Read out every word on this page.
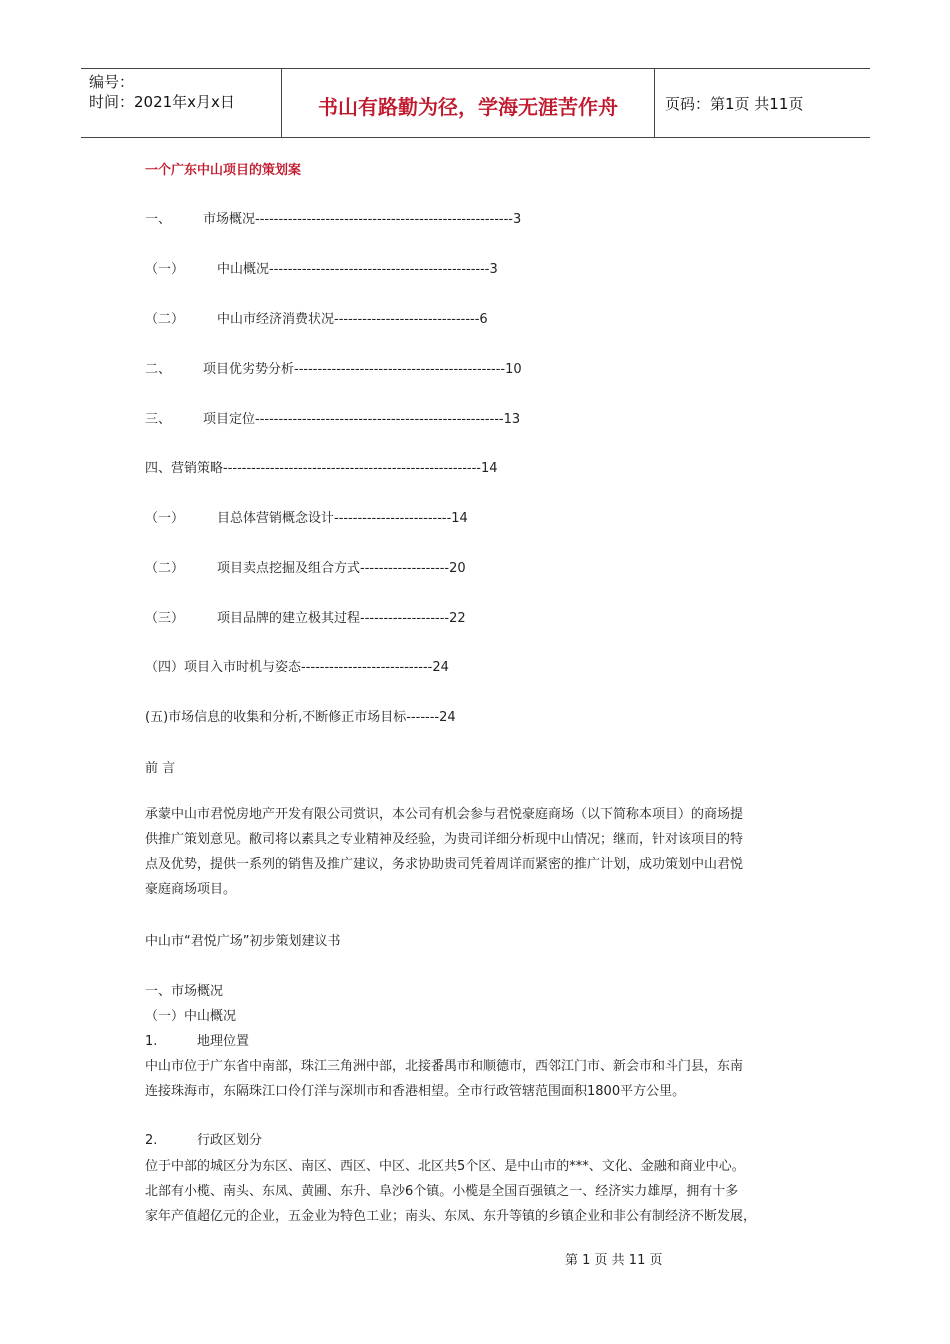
编号：
时间：2021年x月x日	书山有路勤为径，学海无涯苦作舟	页码：第1页 共11页
一个广东中山项目的策划案
一、 市场概况-------------------------------------------------------3
（一）	中山概况-----------------------------------------------3
（二）	中山市经济消费状况-------------------------------6
二、 项目优劣势分析---------------------------------------------10
三、 项目定位-----------------------------------------------------13
四、营销策略-------------------------------------------------------14
（一）	目总体营销概念设计-------------------------14
（二）	项目卖点挖掘及组合方式-------------------20
（三）	项目品牌的建立极其过程-------------------22
（四）项目入市时机与姿态----------------------------24
(五)市场信息的收集和分析,不断修正市场目标-------24
前 言
承蒙中山市君悦房地产开发有限公司赏识，本公司有机会参与君悦豪庭商场（以下简称本项目）的商场提
供推广策划意见。敝司将以素具之专业精神及经验，为贵司详细分析现中山情况；继而，针对该项目的特
点及优势，提供一系列的销售及推广建议，务求协助贵司凭着周详而紧密的推广计划，成功策划中山君悦
豪庭商场项目。
中山市“君悦广场”初步策划建议书
一、市场概况
（一）中山概况
1.	地理位置
中山市位于广东省中南部，珠江三角洲中部，北接番禺市和顺德市，西邻江门市、新会市和斗门县，东南
连接珠海市，东隔珠江口伶仃洋与深圳市和香港相望。全市行政管辖范围面积1800平方公里。
2.	行政区划分
位于中部的城区分为东区、南区、西区、中区、北区共5个区、是中山市的***、文化、金融和商业中心。
北部有小榄、南头、东凤、黄圃、东升、阜沙6个镇。小榄是全国百强镇之一、经济实力雄厚，拥有十多
家年产值超亿元的企业，五金业为特色工业；南头、东凤、东升等镇的乡镇企业和非公有制经济不断发展，
第 1 页 共 11 页
